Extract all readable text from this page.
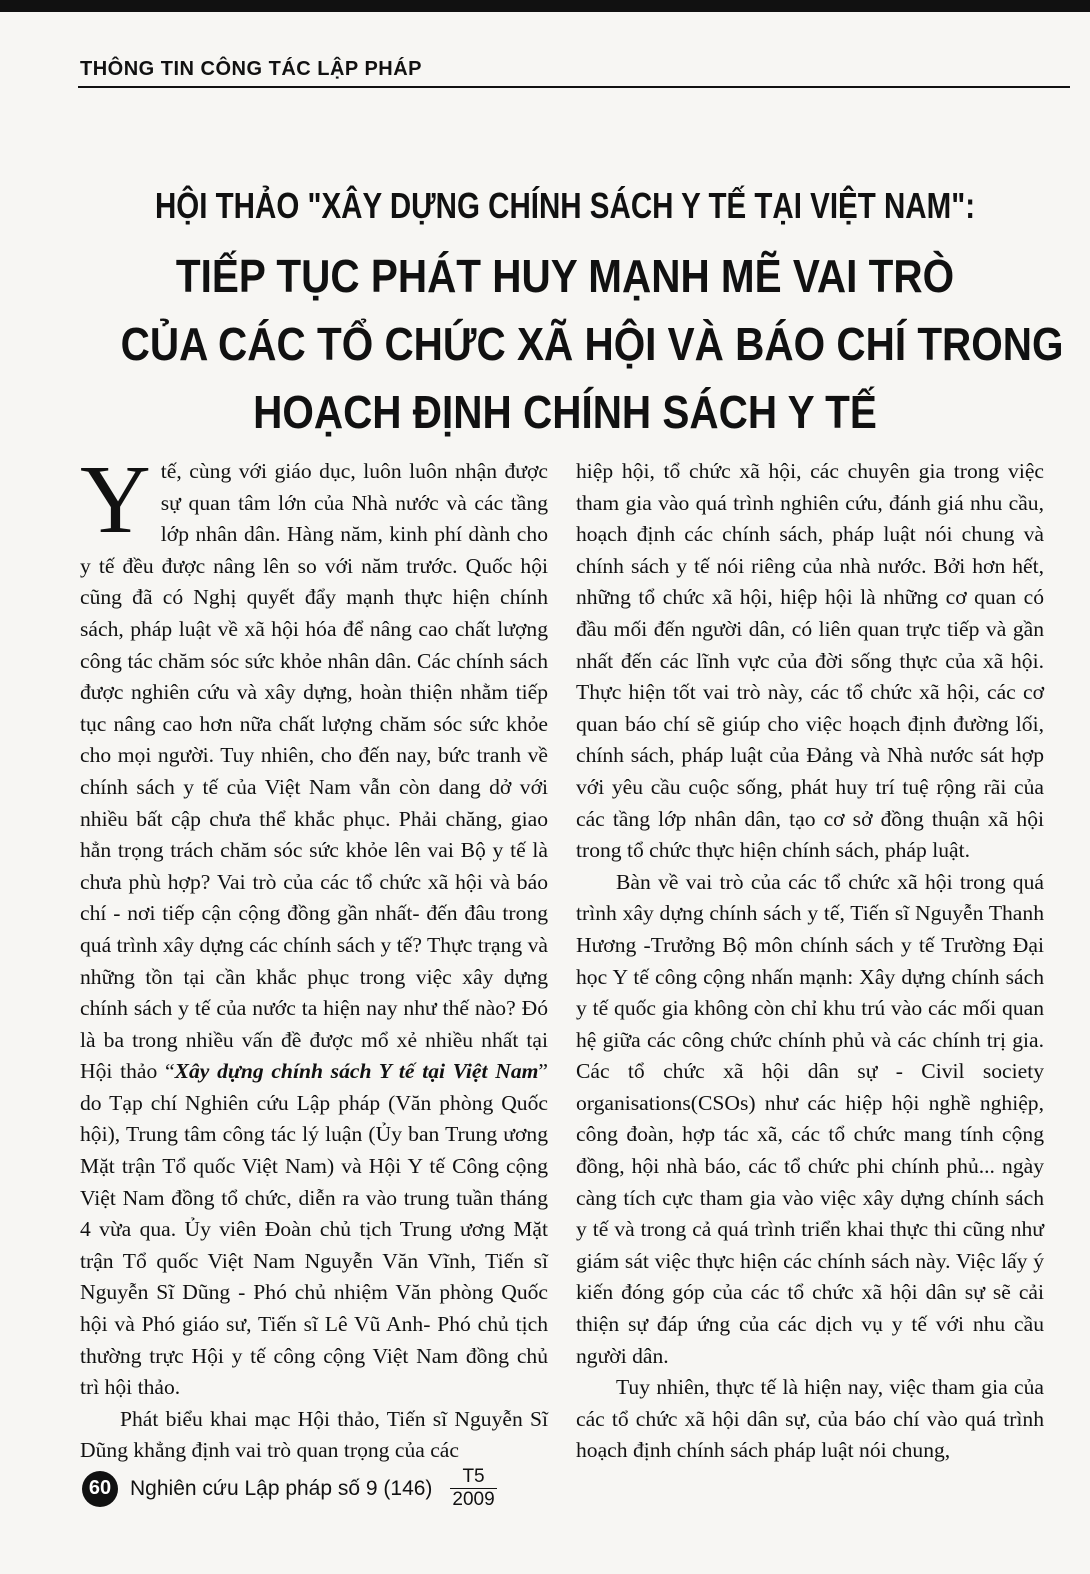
THÔNG TIN CÔNG TÁC LẬP PHÁP

HỘI THẢO "XÂY DỰNG CHÍNH SÁCH Y TẾ TẠI VIỆT NAM":

TIẾP TỤC PHÁT HUY MẠNH MẼ VAI TRÒ
CỦA CÁC TỔ CHỨC XÃ HỘI VÀ BÁO CHÍ TRONG
HOẠCH ĐỊNH CHÍNH SÁCH Y TẾ

Y tế, cùng với giáo dục, luôn luôn nhận được sự quan tâm lớn của Nhà nước và các tầng lớp nhân dân. Hàng năm, kinh phí dành cho y tế đều được nâng lên so với năm trước. Quốc hội cũng đã có Nghị quyết đẩy mạnh thực hiện chính sách, pháp luật về xã hội hóa để nâng cao chất lượng công tác chăm sóc sức khỏe nhân dân. Các chính sách được nghiên cứu và xây dựng, hoàn thiện nhằm tiếp tục nâng cao hơn nữa chất lượng chăm sóc sức khỏe cho mọi người. Tuy nhiên, cho đến nay, bức tranh về chính sách y tế của Việt Nam vẫn còn dang dở với nhiều bất cập chưa thể khắc phục. Phải chăng, giao hẳn trọng trách chăm sóc sức khỏe lên vai Bộ y tế là chưa phù hợp? Vai trò của các tổ chức xã hội và báo chí - nơi tiếp cận cộng đồng gần nhất- đến đâu trong quá trình xây dựng các chính sách y tế? Thực trạng và những tồn tại cần khắc phục trong việc xây dựng chính sách y tế của nước ta hiện nay như thế nào? Đó là ba trong nhiều vấn đề được mổ xẻ nhiều nhất tại Hội thảo “Xây dựng chính sách Y tế tại Việt Nam” do Tạp chí Nghiên cứu Lập pháp (Văn phòng Quốc hội), Trung tâm công tác lý luận (Ủy ban Trung ương Mặt trận Tổ quốc Việt Nam) và Hội Y tế Công cộng Việt Nam đồng tổ chức, diễn ra vào trung tuần tháng 4 vừa qua. Ủy viên Đoàn chủ tịch Trung ương Mặt trận Tổ quốc Việt Nam Nguyễn Văn Vĩnh, Tiến sĩ Nguyễn Sĩ Dũng - Phó chủ nhiệm Văn phòng Quốc hội và Phó giáo sư, Tiến sĩ Lê Vũ Anh- Phó chủ tịch thường trực Hội y tế công cộng Việt Nam đồng chủ trì hội thảo.

Phát biểu khai mạc Hội thảo, Tiến sĩ Nguyễn Sĩ Dũng khẳng định vai trò quan trọng của các

hiệp hội, tổ chức xã hội, các chuyên gia trong việc tham gia vào quá trình nghiên cứu, đánh giá nhu cầu, hoạch định các chính sách, pháp luật nói chung và chính sách y tế nói riêng của nhà nước. Bởi hơn hết, những tổ chức xã hội, hiệp hội là những cơ quan có đầu mối đến người dân, có liên quan trực tiếp và gần nhất đến các lĩnh vực của đời sống thực của xã hội. Thực hiện tốt vai trò này, các tổ chức xã hội, các cơ quan báo chí sẽ giúp cho việc hoạch định đường lối, chính sách, pháp luật của Đảng và Nhà nước sát hợp với yêu cầu cuộc sống, phát huy trí tuệ rộng rãi của các tầng lớp nhân dân, tạo cơ sở đồng thuận xã hội trong tổ chức thực hiện chính sách, pháp luật.

Bàn về vai trò của các tổ chức xã hội trong quá trình xây dựng chính sách y tế, Tiến sĩ Nguyễn Thanh Hương -Trưởng Bộ môn chính sách y tế Trường Đại học Y tế công cộng nhấn mạnh: Xây dựng chính sách y tế quốc gia không còn chỉ khu trú vào các mối quan hệ giữa các công chức chính phủ và các chính trị gia. Các tổ chức xã hội dân sự - Civil society organisations(CSOs) như các hiệp hội nghề nghiệp, công đoàn, hợp tác xã, các tổ chức mang tính cộng đồng, hội nhà báo, các tổ chức phi chính phủ... ngày càng tích cực tham gia vào việc xây dựng chính sách y tế và trong cả quá trình triển khai thực thi cũng như giám sát việc thực hiện các chính sách này. Việc lấy ý kiến đóng góp của các tổ chức xã hội dân sự sẽ cải thiện sự đáp ứng của các dịch vụ y tế với nhu cầu người dân.

Tuy nhiên, thực tế là hiện nay, việc tham gia của các tổ chức xã hội dân sự, của báo chí vào quá trình hoạch định chính sách pháp luật nói chung,

60 Nghiên cứu Lập pháp số 9 (146)	T5
2009
